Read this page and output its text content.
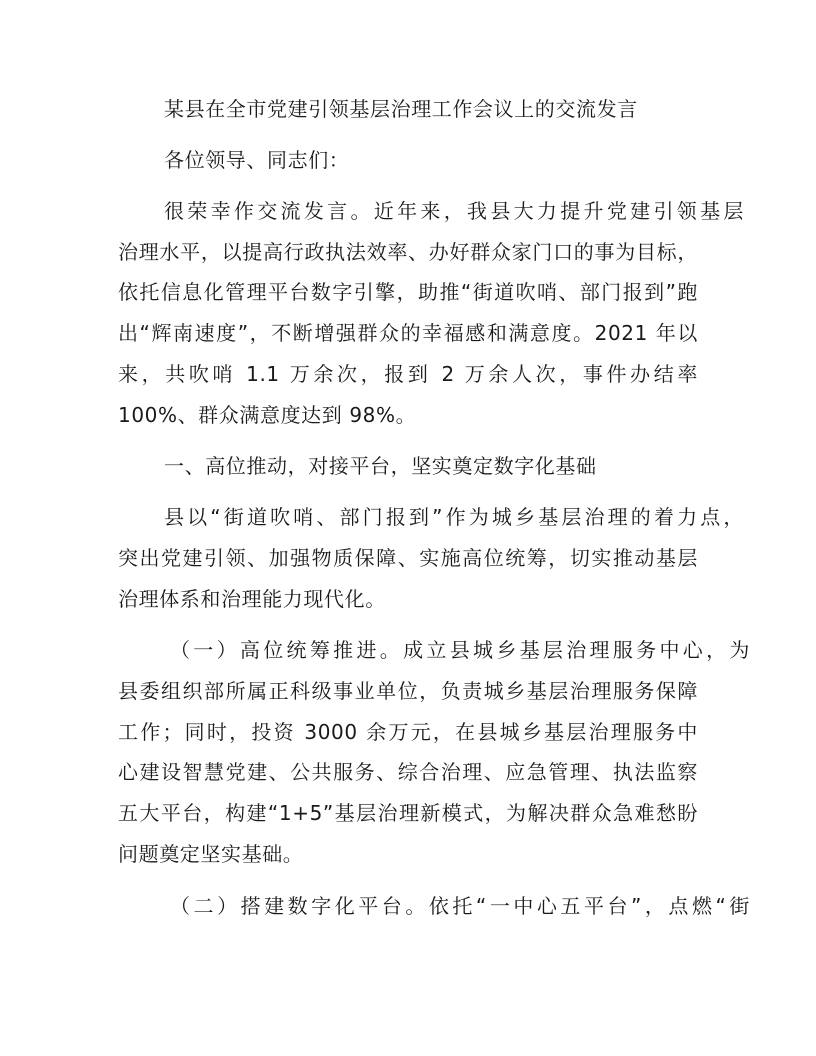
某县在全市党建引领基层治理工作会议上的交流发言
各位领导、同志们：
很荣幸作交流发言。近年来，我县大力提升党建引领基层
治理水平，以提高行政执法效率、办好群众家门口的事为目标，
依托信息化管理平台数字引擎，助推“街道吹哨、部门报到”跑
出“辉南速度”，不断增强群众的幸福感和满意度。2021 年以
来，共吹哨 1.1 万余次，报到 2 万余人次，事件办结率
100%、群众满意度达到 98%。
一、高位推动，对接平台，坚实奠定数字化基础
县以“街道吹哨、部门报到”作为城乡基层治理的着力点，
突出党建引领、加强物质保障、实施高位统筹，切实推动基层
治理体系和治理能力现代化。
（一）高位统筹推进。成立县城乡基层治理服务中心，为
县委组织部所属正科级事业单位，负责城乡基层治理服务保障
工作；同时，投资 3000 余万元，在县城乡基层治理服务中
心建设智慧党建、公共服务、综合治理、应急管理、执法监察
五大平台，构建“1+5”基层治理新模式，为解决群众急难愁盼
问题奠定坚实基础。
（二）搭建数字化平台。依托“一中心五平台”，点燃“街
